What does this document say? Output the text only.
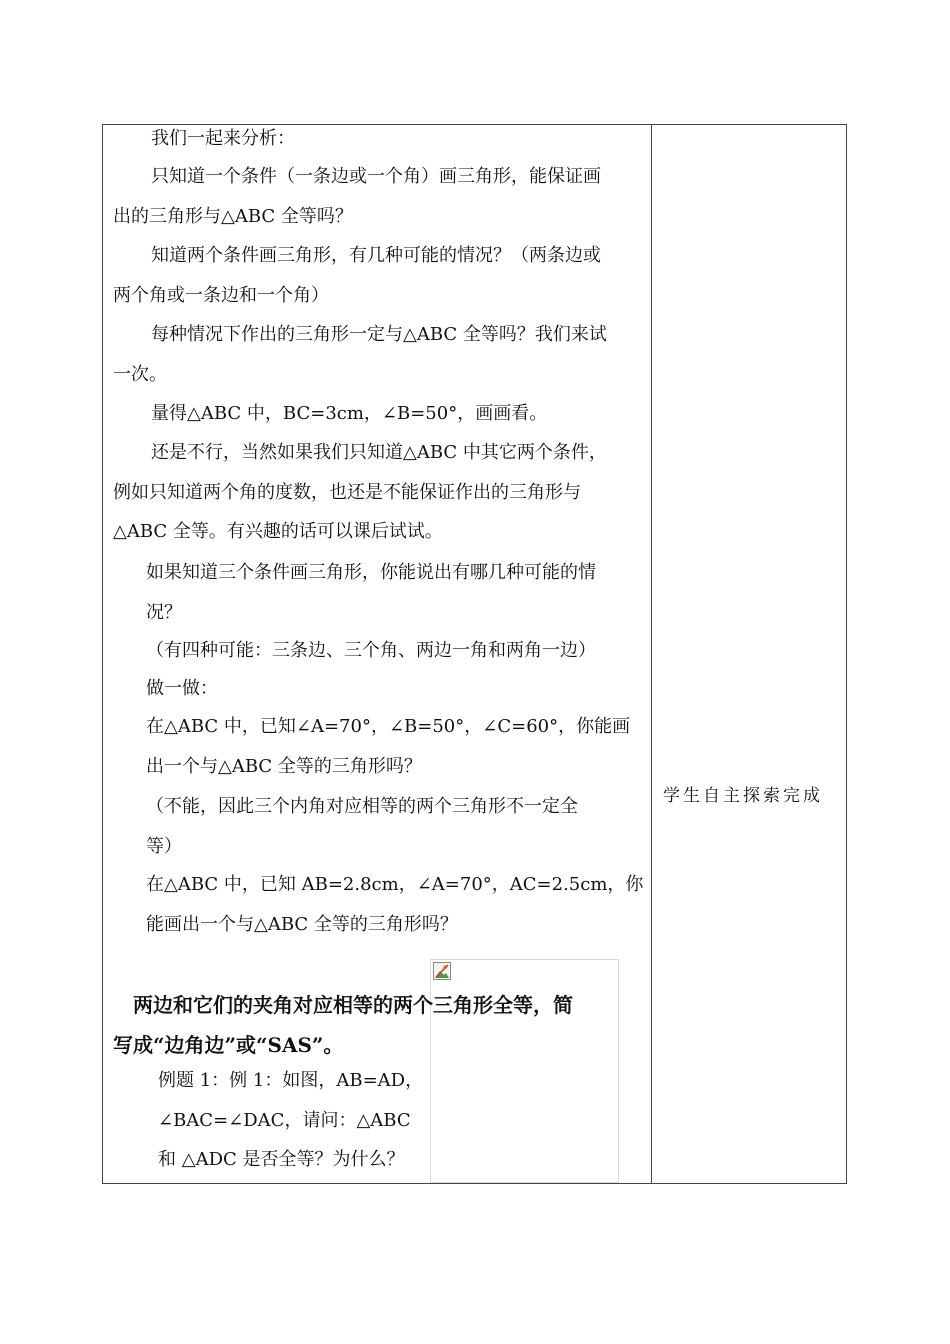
我们一起来分析：
只知道一个条件（一条边或一个角）画三角形，能保证画
出的三角形与△ABC 全等吗？
知道两个条件画三角形，有几种可能的情况？（两条边或
两个角或一条边和一个角）
每种情况下作出的三角形一定与△ABC 全等吗？我们来试
一次。
量得△ABC 中，BC=3cm，∠B=50°，画画看。
还是不行，当然如果我们只知道△ABC 中其它两个条件，
例如只知道两个角的度数，也还是不能保证作出的三角形与
△ABC 全等。有兴趣的话可以课后试试。
如果知道三个条件画三角形，你能说出有哪几种可能的情
况？
（有四种可能：三条边、三个角、两边一角和两角一边）
做一做：
在△ABC 中，已知∠A=70°，∠B=50°，∠C=60°，你能画
出一个与△ABC 全等的三角形吗？
（不能，因此三个内角对应相等的两个三角形不一定全
等）
在△ABC 中，已知 AB=2.8cm，∠A=70°，AC=2.5cm，你
能画出一个与△ABC 全等的三角形吗？
两边和它们的夹角对应相等的两个三角形全等，简
写成“边角边”或“SAS”。
例题 1：例 1：如图，AB=AD，
∠BAC=∠DAC，请问：△ABC
和 △ADC 是否全等？为什么？
学生自主探索完成
